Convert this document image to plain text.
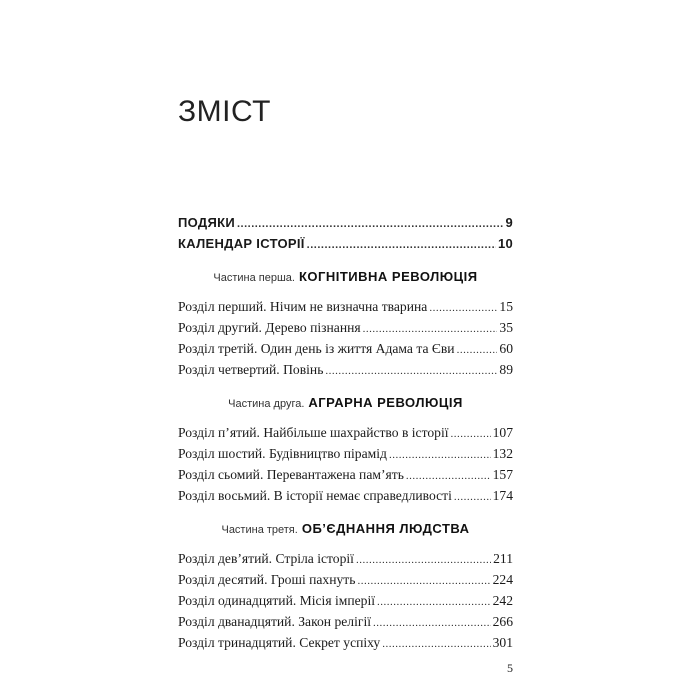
ЗМІСТ
ПОДЯКИ .....	9
КАЛЕНДАР ІСТОРІЇ .....	10
Частина перша. КОГНІТИВНА РЕВОЛЮЦІЯ
Розділ перший. Нічим не визначна тварина .....	15
Розділ другий. Дерево пізнання .....	35
Розділ третій. Один день із життя Адама та Єви .....	60
Розділ четвертий. Повінь .....	89
Частина друга. АГРАРНА РЕВОЛЮЦІЯ
Розділ п’ятий. Найбільше шахрайство в історії .....	107
Розділ шостий. Будівництво пірамід .....	132
Розділ сьомий. Перевантажена пам’ять .....	157
Розділ восьмий. В історії немає справедливості .....	174
Частина третя. ОБ’ЄДНАННЯ ЛЮДСТВА
Розділ дев’ятий. Стріла історії .....	211
Розділ десятий. Гроші пахнуть .....	224
Розділ одинадцятий. Місія імперії .....	242
Розділ дванадцятий. Закон релігії .....	266
Розділ тринадцятий. Секрет успіху .....	301
5
